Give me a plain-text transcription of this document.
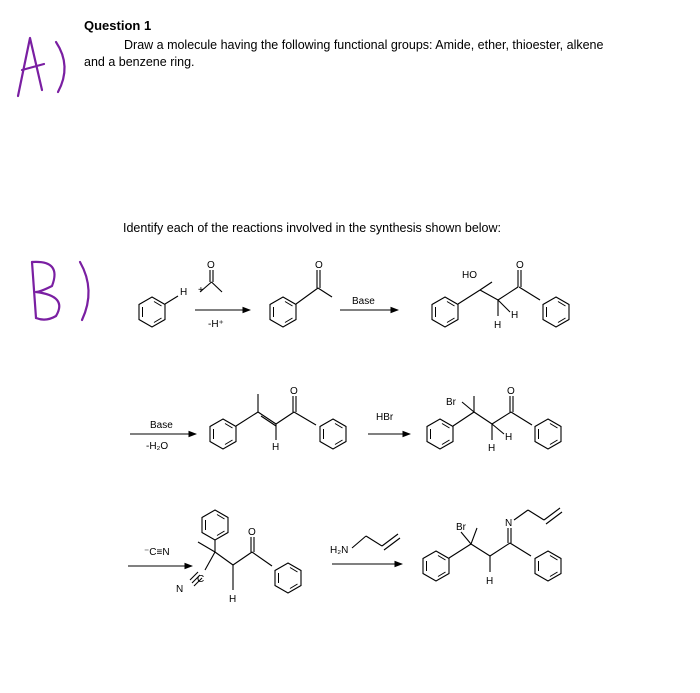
Question 1
Draw a molecule having the following functional groups: Amide, ether, thioester, alkene and a benzene ring.
Identify each of the reactions involved in the synthesis shown below:
H +
O
-H⁺
O
Base
HO
O
H
H
Base
-H₂O
O
H
HBr
Br
O
H
H
⁻C≡N
O
N
C
H
H₂N
Br	N
H
